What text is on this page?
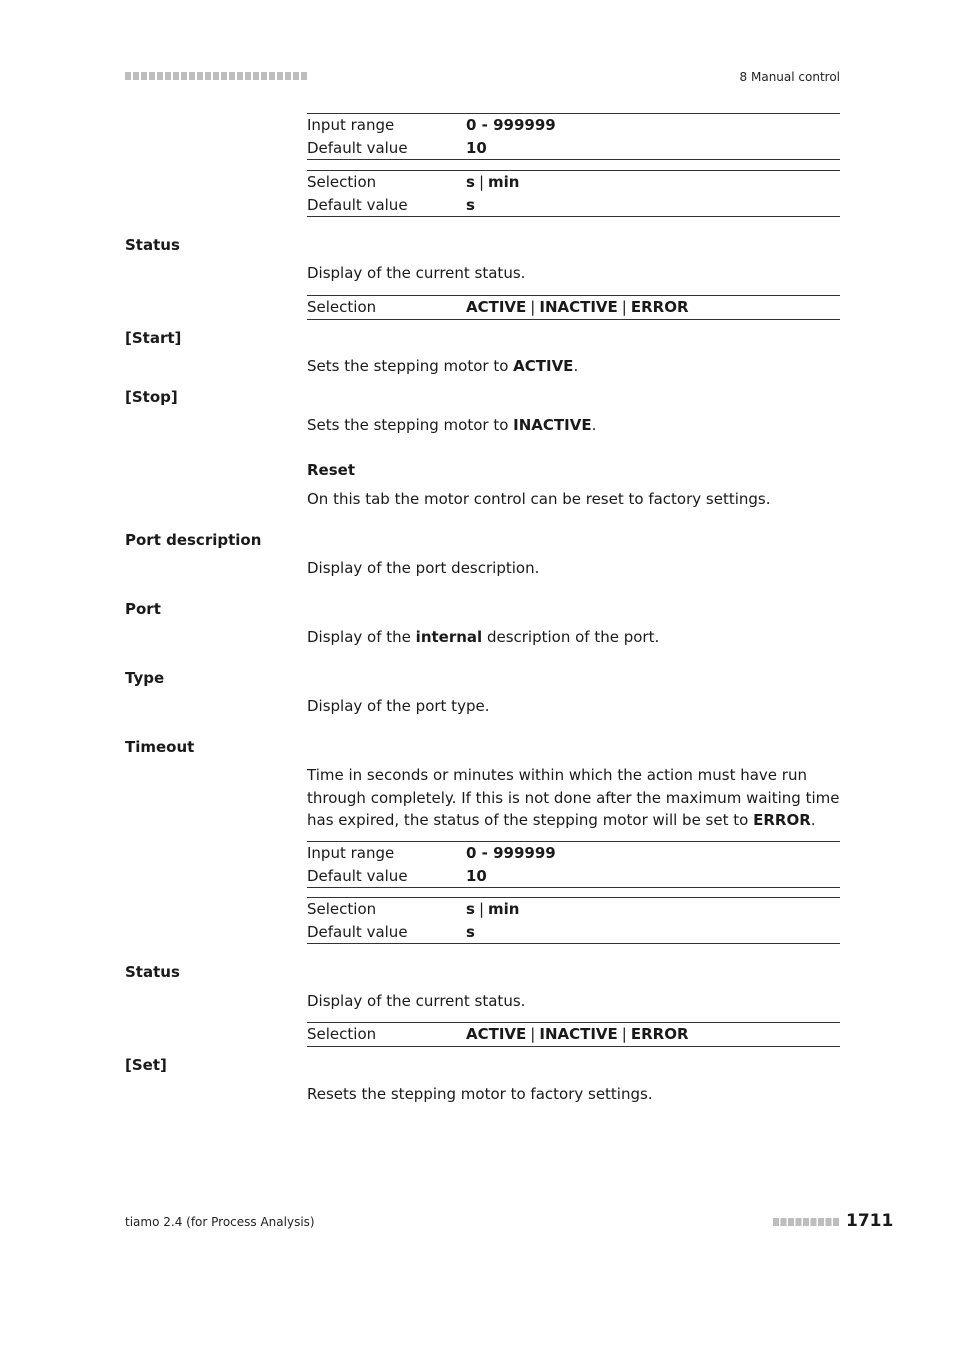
8 Manual control
Input range	0 - 999999
Default value	10
Selection	s | min
Default value	s
Status
Display of the current status.
Selection	ACTIVE | INACTIVE | ERROR
[Start]
Sets the stepping motor to ACTIVE.
[Stop]
Sets the stepping motor to INACTIVE.
Reset
On this tab the motor control can be reset to factory settings.
Port description
Display of the port description.
Port
Display of the internal description of the port.
Type
Display of the port type.
Timeout
Time in seconds or minutes within which the action must have run
through completely. If this is not done after the maximum waiting time
has expired, the status of the stepping motor will be set to ERROR.
Input range	0 - 999999
Default value	10
Selection	s | min
Default value	s
Status
Display of the current status.
Selection	ACTIVE | INACTIVE | ERROR
[Set]
Resets the stepping motor to factory settings.
tiamo 2.4 (for Process Analysis)	1711
